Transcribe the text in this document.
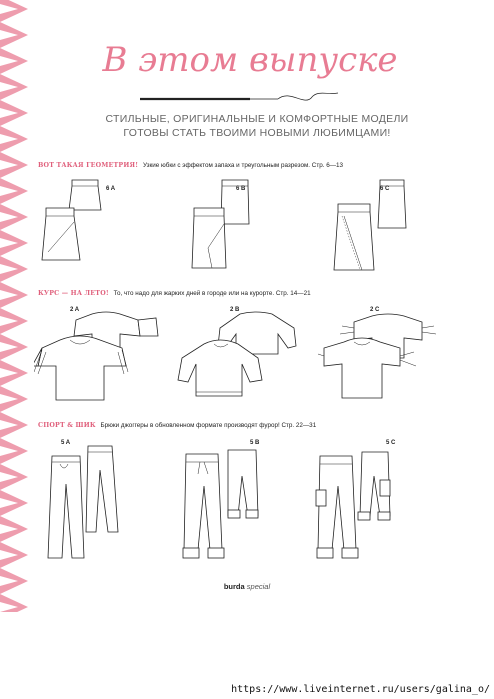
В этом выпуске
СТИЛЬНЫЕ, ОРИГИНАЛЬНЫЕ И КОМФОРТНЫЕ МОДЕЛИ
ГОТОВЫ СТАТЬ ТВОИМИ НОВЫМИ ЛЮБИМЦАМИ!
ВОТ ТАКАЯ ГЕОМЕТРИЯ! Узкие юбки с эффектом запаха и треугольным разрезом. Стр. 6—13
6 A	6 B	6 C
КУРС — НА ЛЕТО! То, что надо для жарких дней в городе или на курорте. Стр. 14—21
2 A	2 B	2 C
СПОРТ & ШИК Брюки джоггеры в обновленном формате производят фурор! Стр. 22—31
5 A	5 B	5 C
burda special
https://www.liveinternet.ru/users/galina_o/
